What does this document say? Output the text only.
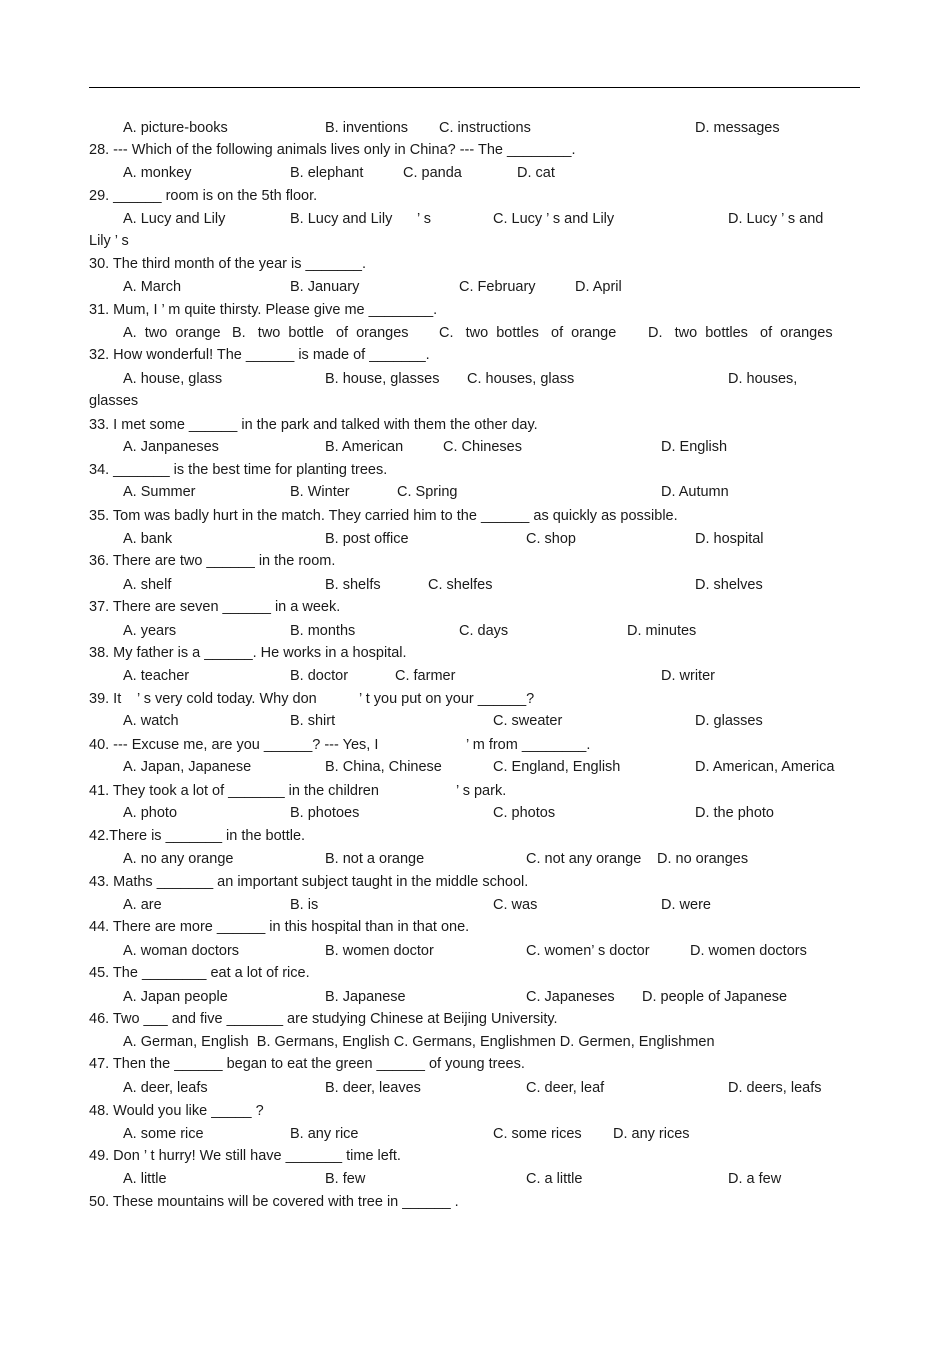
A. picture-books	B. inventions C. instructions	D. messages
28. --- Which of the following animals lives only in China? --- The ________.
A. monkey	B. elephant	C. panda	D. cat
29. ______ room is on the 5th floor.
A. Lucy and Lily	B. Lucy and Lily ’ s	C. Lucy ’ s and Lily	D. Lucy ’ s and
Lily ’ s
30. The third month of the year is _______.
A. March	B. January	C. February	D. April
31. Mum, I ’ m quite thirsty. Please give me ________.
A.  two  orange B.   two  bottle   of  oranges C.   two  bottles   of  orange D.   two  bottles   of  oranges
32. How wonderful! The ______ is made of _______.
A. house, glass	B. house, glasses C. houses, glass	D. houses,
glasses
33. I met some ______ in the park and talked with them the other day.
A. Janpaneses	B. American	C. Chineses	D. English
34. _______ is the best time for planting trees.
A. Summer	B. Winter	C. Spring	D. Autumn
35. Tom was badly hurt in the match. They carried him to the ______ as quickly as possible.
A. bank	B. post office	C. shop	D. hospital
36. There are two ______ in the room.
A. shelf	B. shelfs	C. shelfes	D. shelves
37. There are seven ______ in a week.
A. years	B. months	C. days	D. minutes
38. My father is a ______. He works in a hospital.
A. teacher	B. doctor	C. farmer	D. writer
39. It ’ s very cold today. Why don	’ t you put on your ______?
A. watch	B. shirt	C. sweater	D. glasses
40. --- Excuse me, are you ______? --- Yes, I	’ m from ________.
A. Japan, Japanese	B. China, Chinese	C. England, English	D. American, America
41. They took a lot of _______ in the children	’ s park.
A. photo	B. photoes	C. photos	D. the photo
42.There is _______ in the bottle.
A. no any orange	B. not a orange	C. not any orange D. no oranges
43. Maths _______ an important subject taught in the middle school.
A. are	B. is	C. was	D. were
44. There are more ______ in this hospital than in that one.
A. woman doctors	B. women doctor	C. women’ s doctor	D. women doctors
45. The ________ eat a lot of rice.
A. Japan people	B. Japanese	C. Japaneses D. people of Japanese
46. Two ___ and five _______ are studying Chinese at Beijing University.
A. German, English  B. Germans, English C. Germans, Englishmen D. Germen, Englishmen
47. Then the ______ began to eat the green ______ of young trees.
A. deer, leafs	B. deer, leaves	C. deer, leaf	D. deers, leafs
48. Would you like _____ ?
A. some rice	B. any rice	C. some rices D. any rices
49. Don ’ t hurry! We still have _______ time left.
A. little	B. few	C. a little	D. a few
50. These mountains will be covered with tree in ______ .
